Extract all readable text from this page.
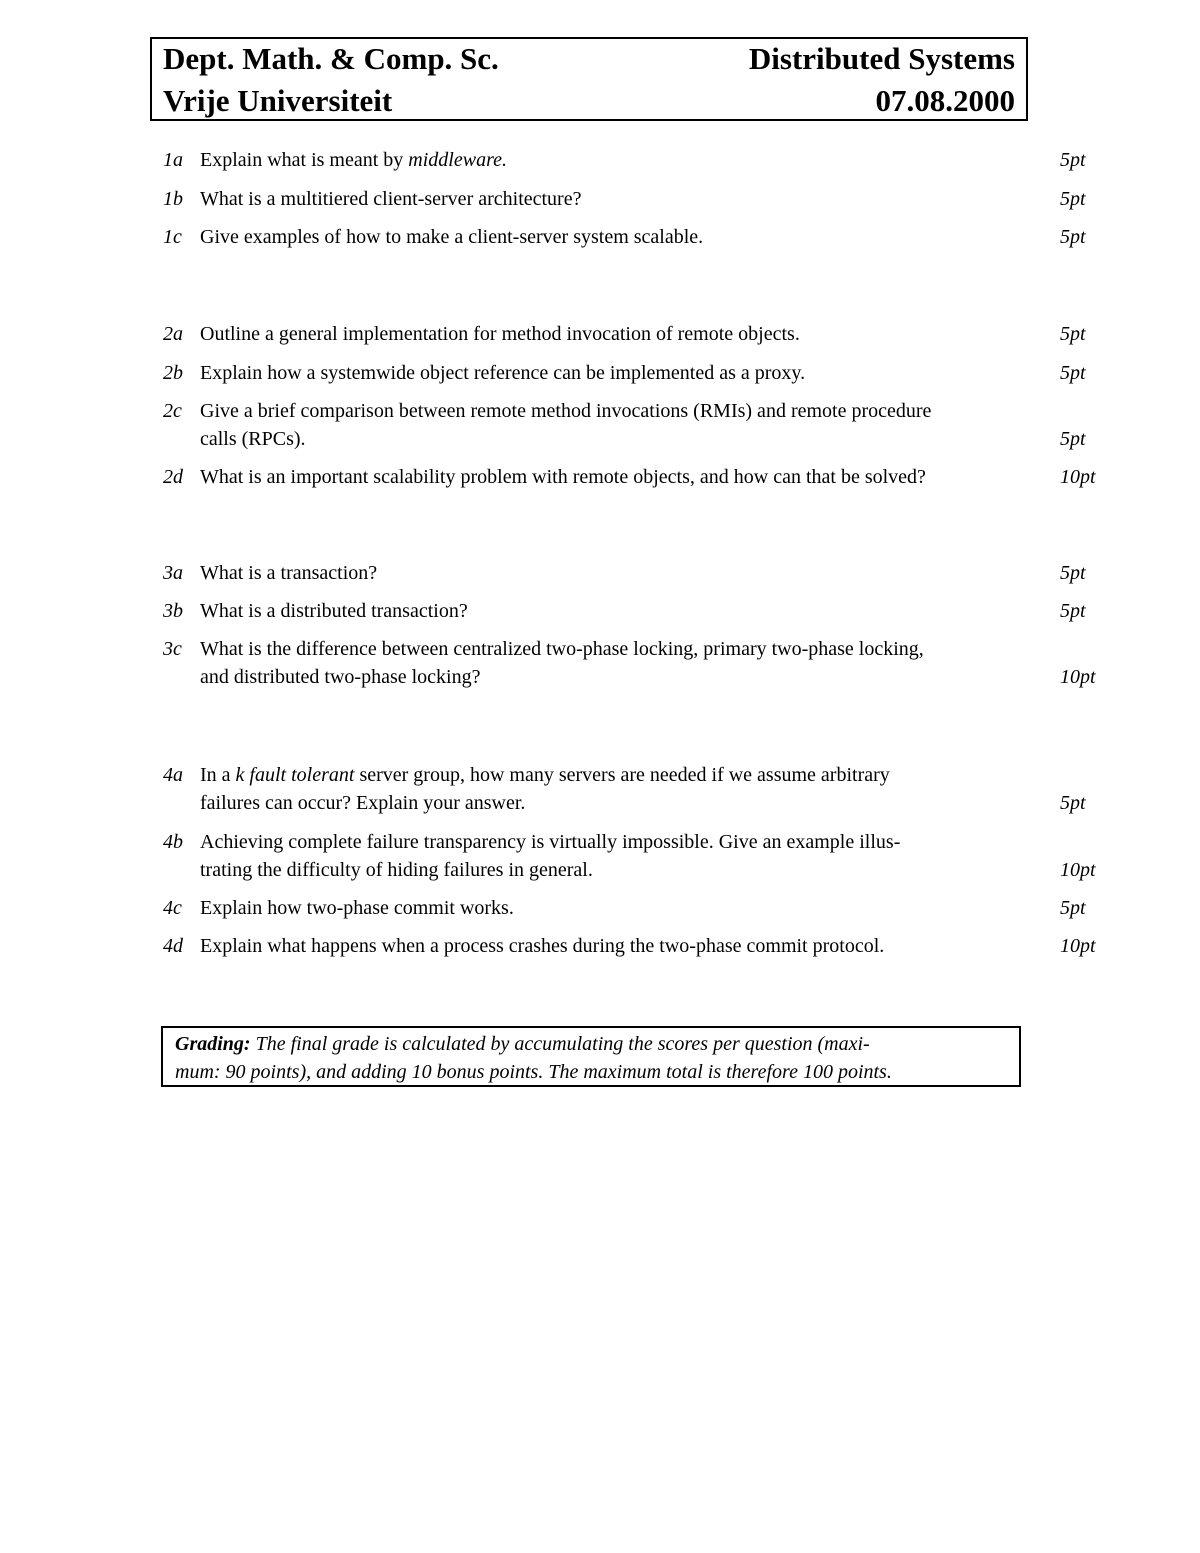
Dept. Math. & Comp. Sc.
Vrije Universiteit
Distributed Systems
07.08.2000
1a Explain what is meant by middleware.	5pt
1b What is a multitiered client-server architecture?	5pt
1c Give examples of how to make a client-server system scalable.	5pt
2a Outline a general implementation for method invocation of remote objects.	5pt
2b Explain how a systemwide object reference can be implemented as a proxy.	5pt
2c Give a brief comparison between remote method invocations (RMIs) and remote procedure
calls (RPCs).	5pt
2d What is an important scalability problem with remote objects, and how can that be solved?	10pt
3a What is a transaction?	5pt
3b What is a distributed transaction?	5pt
3c What is the difference between centralized two-phase locking, primary two-phase locking,
and distributed two-phase locking?	10pt
4a In a k fault tolerant server group, how many servers are needed if we assume arbitrary
failures can occur? Explain your answer.	5pt
4b Achieving complete failure transparency is virtually impossible. Give an example illus-
trating the difficulty of hiding failures in general.	10pt
4c Explain how two-phase commit works.	5pt
4d Explain what happens when a process crashes during the two-phase commit protocol.	10pt
Grading: The final grade is calculated by accumulating the scores per question (maxi-
mum: 90 points), and adding 10 bonus points. The maximum total is therefore 100 points.
